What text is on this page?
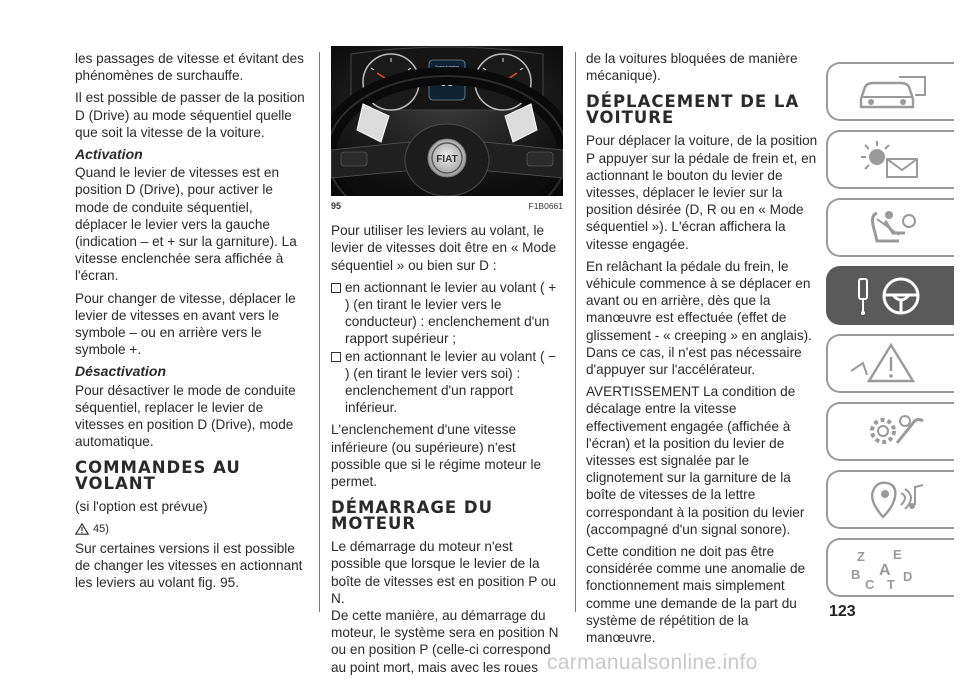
les passages de vitesse et évitant des phénomènes de surchauffe.

Il est possible de passer de la position D (Drive) au mode séquentiel quelle que soit la vitesse de la voiture.

Activation

Quand le levier de vitesses est en position D (Drive), pour activer le mode de conduite séquentiel, déplacer le levier vers la gauche (indication – et + sur la garniture). La vitesse enclenchée sera affichée à l'écran.

Pour changer de vitesse, déplacer le levier de vitesses en avant vers le symbole – ou en arrière vers le symbole +.

Désactivation

Pour désactiver le mode de conduite séquentiel, replacer le levier de vitesses en position D (Drive), mode automatique.

COMMANDES AU VOLANT

(si l'option est prévue)

45)

Sur certaines versions il est possible de changer les vitesses en actionnant les leviers au volant fig. 95.

Speedometer
98
FIAT
95	F1B0661

Pour utiliser les leviers au volant, le levier de vitesses doit être en « Mode séquentiel » ou bien sur D :

en actionnant le levier au volant ( + ) (en tirant le levier vers le conducteur) : enclenchement d'un rapport supérieur ;
en actionnant le levier au volant ( − ) (en tirant le levier vers soi) : enclenchement d'un rapport inférieur.

L'enclenchement d'une vitesse inférieure (ou supérieure) n'est possible que si le régime moteur le permet.

DÉMARRAGE DU MOTEUR

Le démarrage du moteur n'est possible que lorsque le levier de la boîte de vitesses est en position P ou N.
De cette manière, au démarrage du moteur, le système sera en position N ou en position P (celle-ci correspond au point mort, mais avec les roues

de la voitures bloquées de manière mécanique).

DÉPLACEMENT DE LA VOITURE

Pour déplacer la voiture, de la position P appuyer sur la pédale de frein et, en actionnant le bouton du levier de vitesses, déplacer le levier sur la position désirée (D, R ou en « Mode séquentiel »). L'écran affichera la vitesse engagée.

En relâchant la pédale du frein, le véhicule commence à se déplacer en avant ou en arrière, dès que la manœuvre est effectuée (effet de glissement - « creeping » en anglais). Dans ce cas, il n'est pas nécessaire d'appuyer sur l'accélérateur.

AVERTISSEMENT La condition de décalage entre la vitesse effectivement engagée (affichée à l'écran) et la position du levier de vitesses est signalée par le clignotement sur la garniture de la boîte de vitesses de la lettre correspondant à la position du levier (accompagné d'un signal sonore).

Cette condition ne doit pas être considérée comme une anomalie de fonctionnement mais simplement comme une demande de la part du système de répétition de la manœuvre.

Z E
A
B	D
C T
123
carmanualsonline.info
